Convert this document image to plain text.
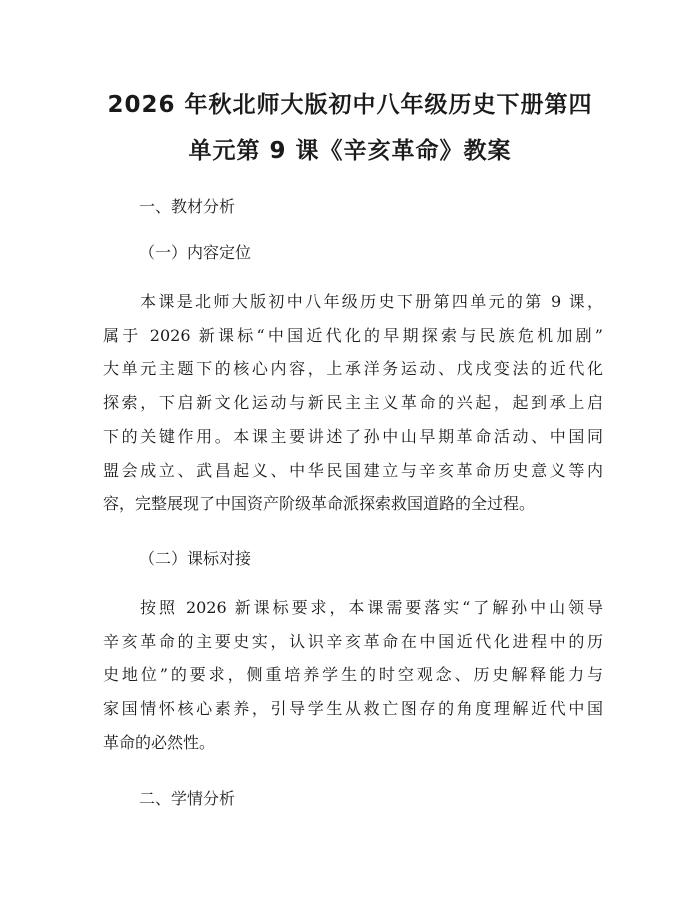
2026 年秋北师大版初中八年级历史下册第四
单元第 9 课《辛亥革命》教案
一、教材分析
（一）内容定位
本课是北师大版初中八年级历史下册第四单元的第 9 课，
属于 2026 新课标“中国近代化的早期探索与民族危机加剧”
大单元主题下的核心内容，上承洋务运动、戊戌变法的近代化
探索，下启新文化运动与新民主主义革命的兴起，起到承上启
下的关键作用。本课主要讲述了孙中山早期革命活动、中国同
盟会成立、武昌起义、中华民国建立与辛亥革命历史意义等内
容，完整展现了中国资产阶级革命派探索救国道路的全过程。
（二）课标对接
按照 2026 新课标要求，本课需要落实“了解孙中山领导
辛亥革命的主要史实，认识辛亥革命在中国近代化进程中的历
史地位”的要求，侧重培养学生的时空观念、历史解释能力与
家国情怀核心素养，引导学生从救亡图存的角度理解近代中国
革命的必然性。
二、学情分析
